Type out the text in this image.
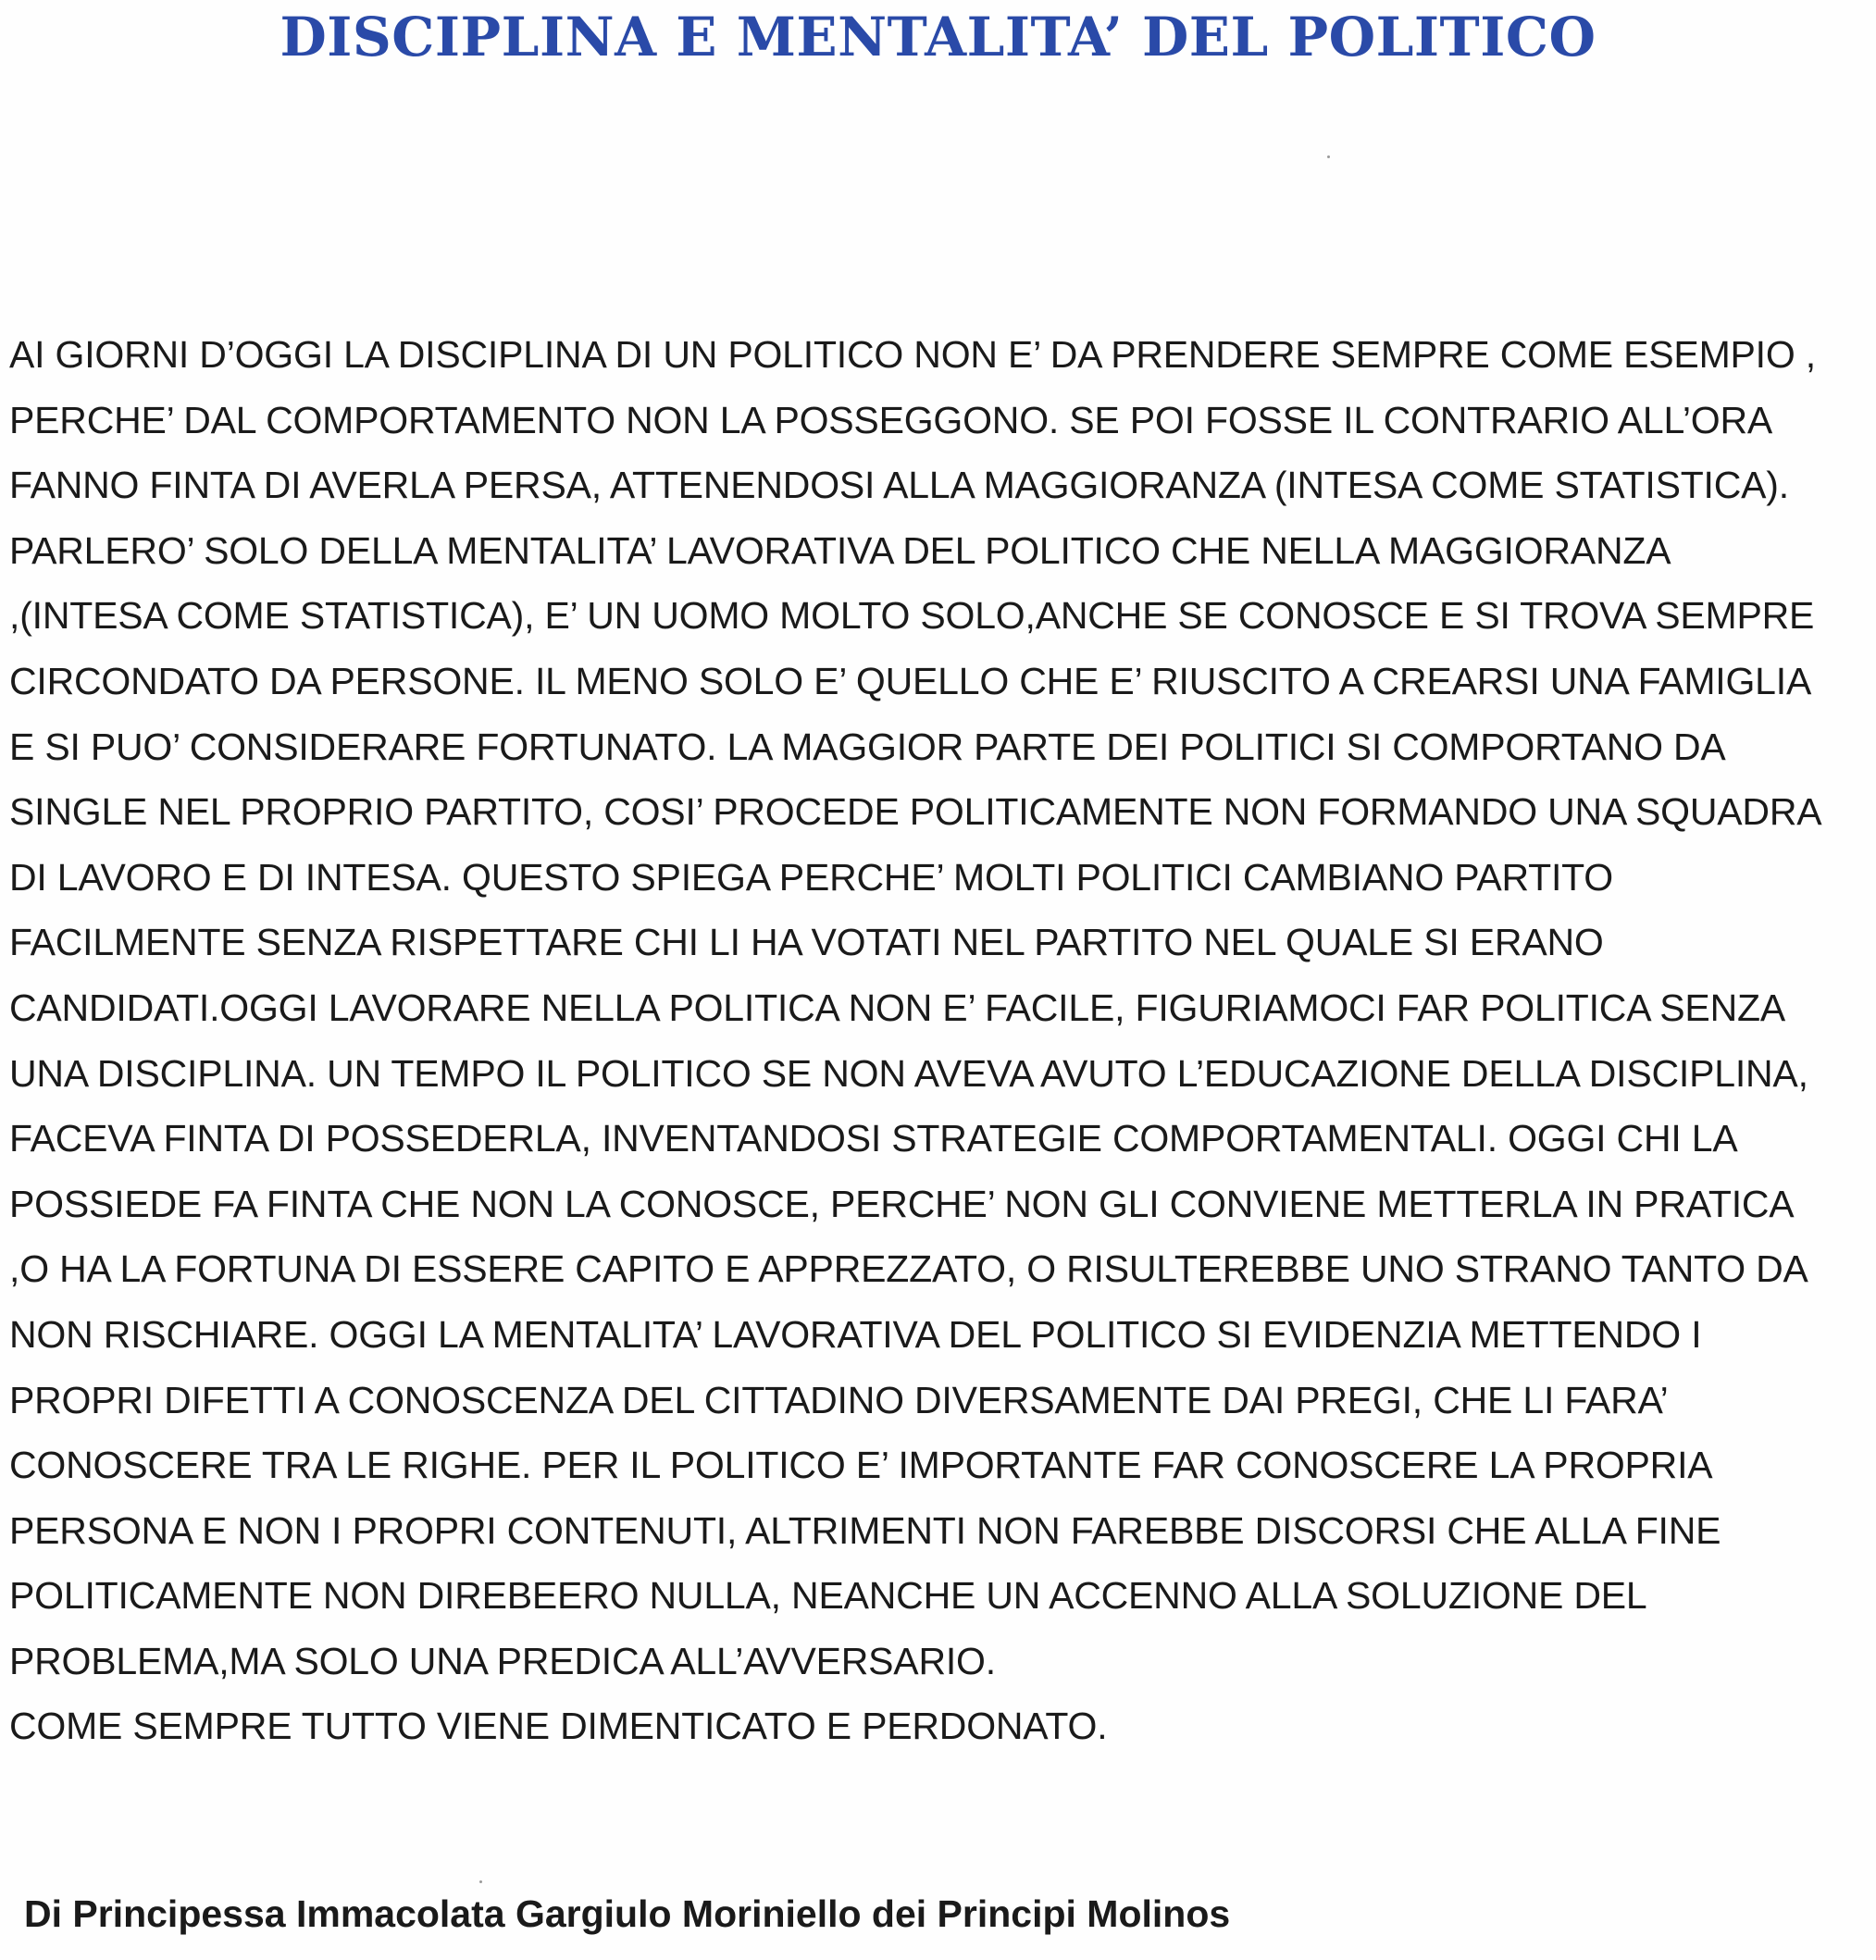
DISCIPLINA E MENTALITA’ DEL POLITICO
AI GIORNI D’OGGI LA DISCIPLINA DI UN POLITICO NON E’ DA PRENDERE SEMPRE COME ESEMPIO ,
PERCHE’ DAL COMPORTAMENTO NON LA POSSEGGONO. SE POI FOSSE IL CONTRARIO ALL’ORA
FANNO FINTA DI AVERLA PERSA, ATTENENDOSI ALLA MAGGIORANZA (INTESA COME STATISTICA).
PARLERO’ SOLO DELLA MENTALITA’ LAVORATIVA DEL POLITICO CHE NELLA MAGGIORANZA
,(INTESA COME STATISTICA), E’ UN UOMO MOLTO SOLO,ANCHE SE CONOSCE E SI TROVA SEMPRE
CIRCONDATO DA PERSONE. IL MENO SOLO E’ QUELLO CHE E’ RIUSCITO A CREARSI UNA FAMIGLIA
E SI PUO’ CONSIDERARE FORTUNATO. LA MAGGIOR PARTE DEI POLITICI SI COMPORTANO DA
SINGLE NEL PROPRIO PARTITO, COSI’ PROCEDE POLITICAMENTE NON FORMANDO UNA SQUADRA
DI LAVORO E DI INTESA. QUESTO SPIEGA PERCHE’ MOLTI POLITICI CAMBIANO PARTITO
FACILMENTE SENZA RISPETTARE CHI LI HA VOTATI NEL PARTITO NEL QUALE SI ERANO
CANDIDATI.OGGI LAVORARE NELLA POLITICA NON E’ FACILE, FIGURIAMOCI FAR POLITICA SENZA
UNA DISCIPLINA. UN TEMPO IL POLITICO SE NON AVEVA AVUTO L’EDUCAZIONE DELLA DISCIPLINA,
FACEVA FINTA DI POSSEDERLA, INVENTANDOSI STRATEGIE COMPORTAMENTALI. OGGI CHI LA
POSSIEDE FA FINTA CHE NON LA CONOSCE, PERCHE’ NON GLI CONVIENE METTERLA IN PRATICA
,O HA LA FORTUNA DI ESSERE CAPITO E APPREZZATO, O RISULTEREBBE UNO STRANO TANTO DA
NON RISCHIARE. OGGI LA MENTALITA’ LAVORATIVA DEL POLITICO SI EVIDENZIA METTENDO I
PROPRI DIFETTI A CONOSCENZA DEL CITTADINO DIVERSAMENTE DAI PREGI, CHE LI FARA’
CONOSCERE TRA LE RIGHE. PER IL POLITICO E’ IMPORTANTE FAR CONOSCERE LA PROPRIA
PERSONA E NON I PROPRI CONTENUTI, ALTRIMENTI NON FAREBBE DISCORSI CHE ALLA FINE
POLITICAMENTE NON DIREBEERO NULLA, NEANCHE UN ACCENNO ALLA SOLUZIONE DEL
PROBLEMA,MA SOLO UNA PREDICA ALL’AVVERSARIO.
COME SEMPRE TUTTO VIENE DIMENTICATO E PERDONATO.
Di Principessa Immacolata Gargiulo Moriniello dei Principi Molinos
